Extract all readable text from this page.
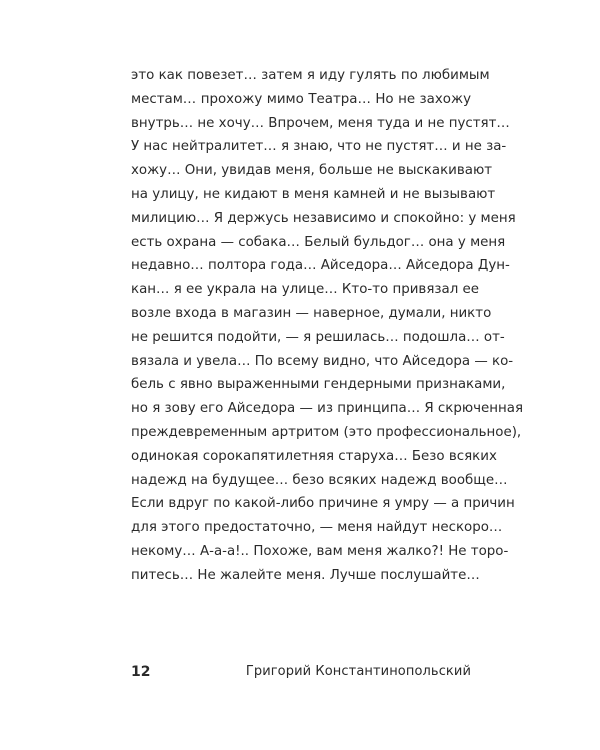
это как повезет… затем я иду гулять по любимым
местам… прохожу мимо Театра… Но не захожу
внутрь… не хочу… Впрочем, меня туда и не пустят…
У нас нейтралитет… я знаю, что не пустят… и не за-
хожу… Они, увидав меня, больше не выскакивают
на улицу, не кидают в меня камней и не вызывают
милицию… Я держусь независимо и спокойно: у меня
есть охрана — собака… Белый бульдог… она у меня
недавно… полтора года… Айседора… Айседора Дун-
кан… я ее украла на улице… Кто-то привязал ее
возле входа в магазин — наверное, думали, никто
не решится подойти, — я решилась… подошла… от-
вязала и увела… По всему видно, что Айседора — ко-
бель с явно выраженными гендерными признаками,
но я зову его Айседора — из принципа… Я скрюченная
преждевременным артритом (это профессиональное),
одинокая сорокапятилетняя старуха… Безо всяких
надежд на будущее… безо всяких надежд вообще…
Если вдруг по какой-либо причине я умру — а причин
для этого предостаточно, — меня найдут нескоро…
некому… А-а-а!.. Похоже, вам меня жалко?! Не торо-
питесь… Не жалейте меня. Лучше послушайте…
12	Григорий Константинопольский
